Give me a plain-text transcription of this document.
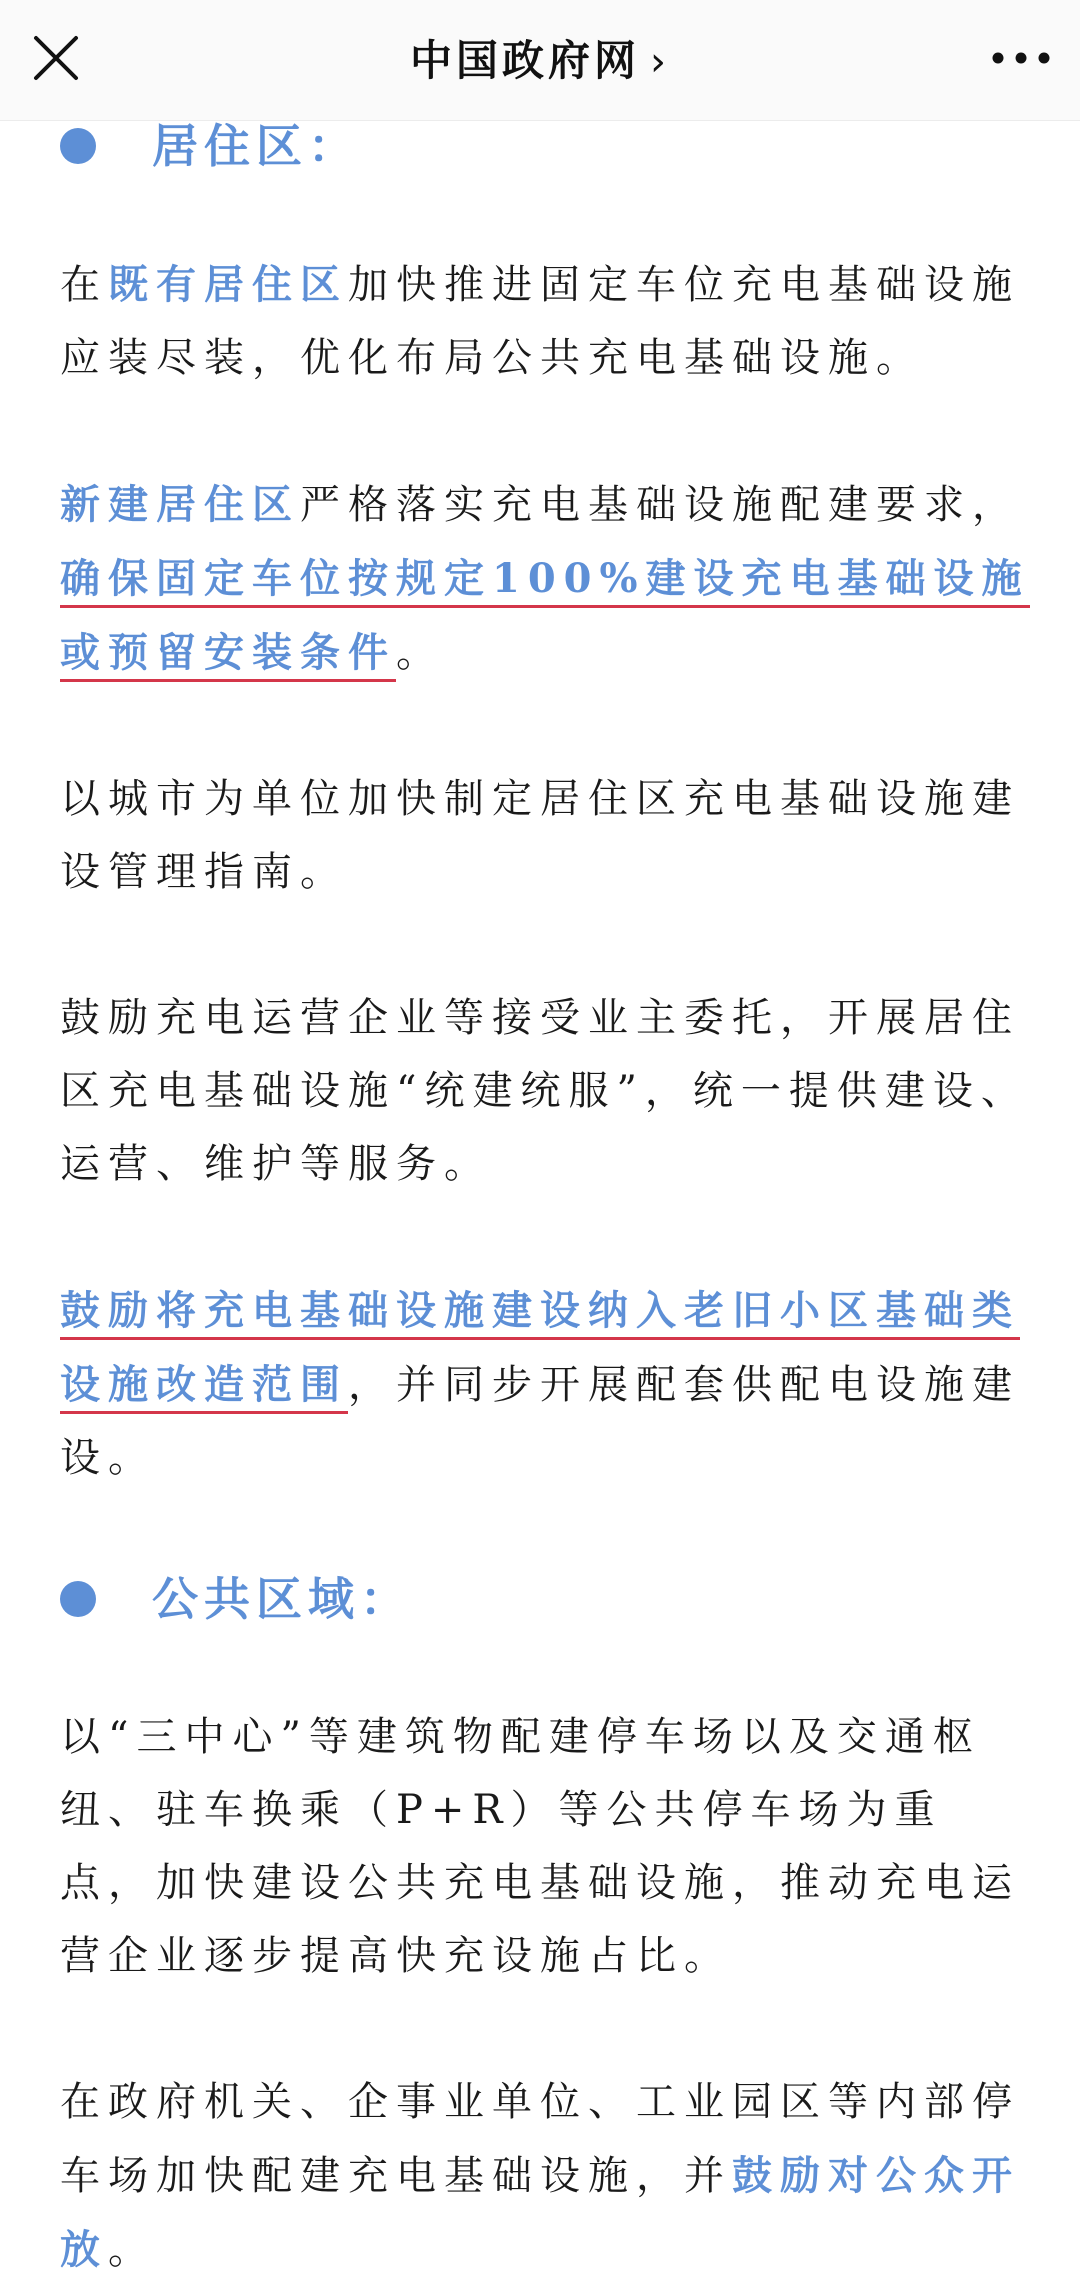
中国政府网 ›
居住区：

在既有居住区加快推进固定车位充电基础设施应装尽装，优化布局公共充电基础设施。

新建居住区严格落实充电基础设施配建要求，确保固定车位按规定100%建设充电基础设施或预留安装条件。

以城市为单位加快制定居住区充电基础设施建设管理指南。

鼓励充电运营企业等接受业主委托，开展居住区充电基础设施“统建统服”，统一提供建设、运营、维护等服务。

鼓励将充电基础设施建设纳入老旧小区基础类设施改造范围，并同步开展配套供配电设施建设。

公共区域：

以“三中心”等建筑物配建停车场以及交通枢纽、驻车换乘（P+R）等公共停车场为重点，加快建设公共充电基础设施，推动充电运营企业逐步提高快充设施占比。

在政府机关、企事业单位、工业园区等内部停车场加快配建充电基础设施，并鼓励对公众开放。
